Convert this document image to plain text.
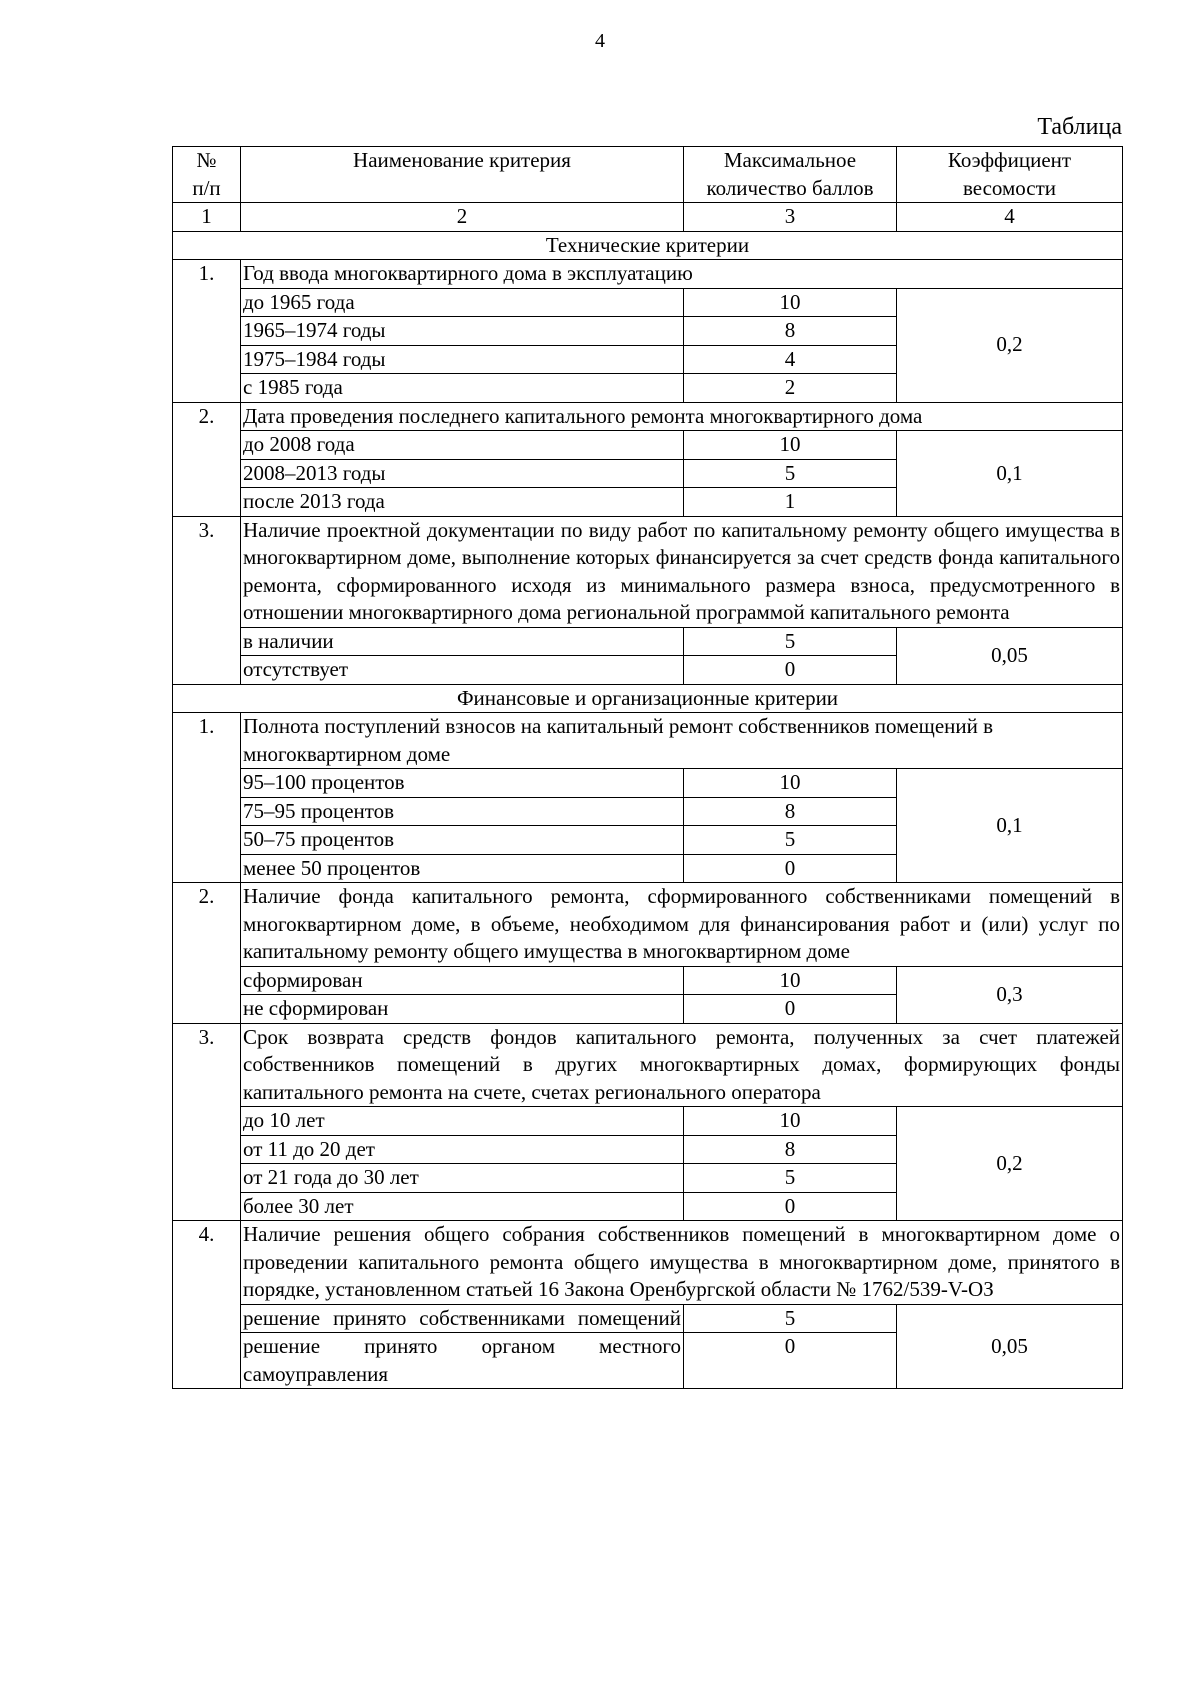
4
Таблица
№
п/п	Наименование критерия	Максимальное количество баллов	Коэффициент весомости
1	2	3	4
Технические критерии			
1.	Год ввода многоквартирного дома в эксплуатацию		
	до 1965 года	10	0,2
	1965–1974 годы	8	
	1975–1984 годы	4	
	с 1985 года	2	
2.	Дата проведения последнего капитального ремонта многоквартирного дома		
	до 2008 года	10	0,1
	2008–2013 годы	5	
	после 2013 года	1	
3.	Наличие проектной документации по виду работ по капитальному ремонту общего имущества в многоквартирном доме, выполнение которых финансируется за счет средств фонда капитального ремонта, сформированного исходя из минимального размера взноса, предусмотренного в отношении многоквартирного дома региональной программой капитального ремонта		
	в наличии	5	0,05
	отсутствует	0	
Финансовые и организационные критерии			
1.	Полнота поступлений взносов на капитальный ремонт собственников помещений в многоквартирном доме		
	95–100 процентов	10	0,1
	75–95 процентов	8	
	50–75 процентов	5	
	менее 50 процентов	0	
2.	Наличие фонда капитального ремонта, сформированного собственниками помещений в многоквартирном доме, в объеме, необходимом для финансирования работ и (или) услуг по капитальному ремонту общего имущества в многоквартирном доме		
	сформирован	10	0,3
	не сформирован	0	
3.	Срок возврата средств фондов капитального ремонта, полученных за счет платежей собственников помещений в других многоквартирных домах, формирующих фонды капитального ремонта на счете, счетах регионального оператора		
	до 10 лет	10	0,2
	от 11 до 20 дет	8	
	от 21 года до 30 лет	5	
	более 30 лет	0	
4.	Наличие решения общего собрания собственников помещений в многоквартирном доме о проведении капитального ремонта общего имущества в многоквартирном доме, принятого в порядке, установленном статьей 16 Закона Оренбургской области № 1762/539-V-ОЗ		
	решение принято собственниками помещений	5	0,05
	решение принято органом местного самоуправления	0	
